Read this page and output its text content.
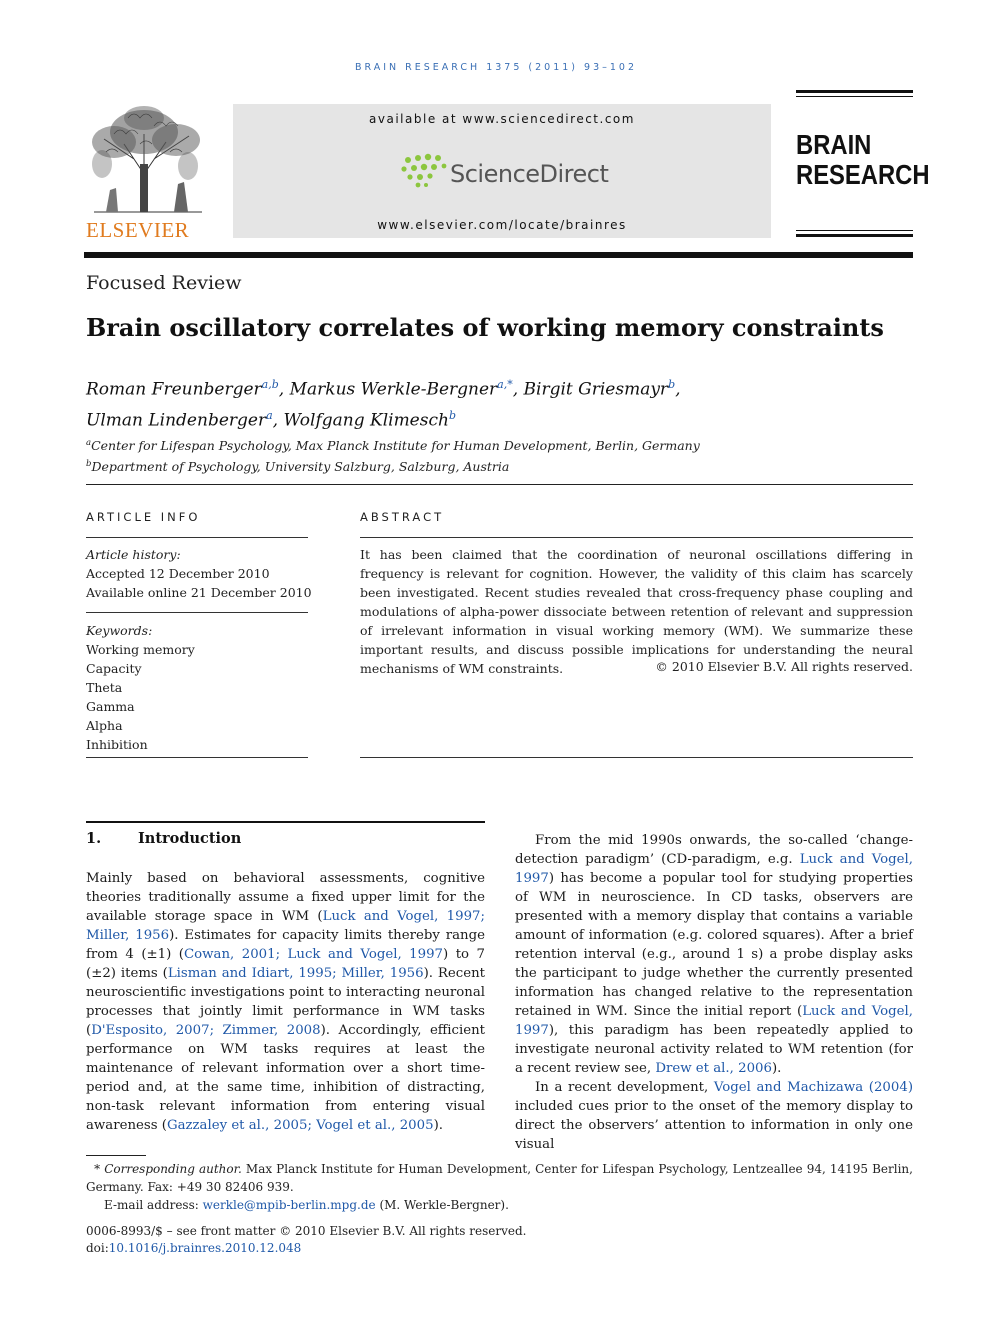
BRAIN RESEARCH 1375 (2011) 93–102
ELSEVIER
available at www.sciencedirect.com
ScienceDirect
www.elsevier.com/locate/brainres
BRAIN
RESEARCH
Focused Review
Brain oscillatory correlates of working memory constraints
Roman Freunberger$^{a,b}$, Markus Werkle-Bergner$^{a,*}$, Birgit Griesmayr$^b$,
Ulman Lindenberger$^a$, Wolfgang Klimesch$^b$
$^a$Center for Lifespan Psychology, Max Planck Institute for Human Development, Berlin, Germany
$^b$Department of Psychology, University Salzburg, Salzburg, Austria
ARTICLE INFO
Article history:
Accepted 12 December 2010
Available online 21 December 2010
Keywords:
Working memory
Capacity
Theta
Gamma
Alpha
Inhibition
ABSTRACT
It has been claimed that the coordination of neuronal oscillations differing in frequency is relevant for cognition. However, the validity of this claim has scarcely been investigated. Recent studies revealed that cross-frequency phase coupling and modulations of alpha-power dissociate between retention of relevant and suppression of irrelevant information in visual working memory (WM). We summarize these important results, and discuss possible implications for understanding the neural mechanisms of WM constraints.	© 2010 Elsevier B.V. All rights reserved.
1.	Introduction

Mainly based on behavioral assessments, cognitive theories traditionally assume a fixed upper limit for the available storage space in WM (Luck and Vogel, 1997; Miller, 1956). Estimates for capacity limits thereby range from 4 (±1) (Cowan, 2001; Luck and Vogel, 1997) to 7 (±2) items (Lisman and Idiart, 1995; Miller, 1956). Recent neuroscientific investigations point to interacting neuronal processes that jointly limit performance in WM tasks (D'Esposito, 2007; Zimmer, 2008). Accordingly, efficient performance on WM tasks requires at least the maintenance of relevant information over a short time-period and, at the same time, inhibition of distracting, non-task relevant information from entering visual awareness (Gazzaley et al., 2005; Vogel et al., 2005).

From the mid 1990s onwards, the so-called ‘change-detection paradigm’ (CD-paradigm, e.g. Luck and Vogel, 1997) has become a popular tool for studying properties of WM in neuroscience. In CD tasks, observers are presented with a memory display that contains a variable amount of information (e.g. colored squares). After a brief retention interval (e.g., around 1 s) a probe display asks the participant to judge whether the currently presented information has changed relative to the representation retained in WM. Since the initial report (Luck and Vogel, 1997), this paradigm has been repeatedly applied to investigate neuronal activity related to WM retention (for a recent review see, Drew et al., 2006).

In a recent development, Vogel and Machizawa (2004) included cues prior to the onset of the memory display to direct the observers’ attention to information in only one visual

* Corresponding author. Max Planck Institute for Human Development, Center for Lifespan Psychology, Lentzeallee 94, 14195 Berlin, Germany. Fax: +49 30 82406 939.
E-mail address: werkle@mpib-berlin.mpg.de (M. Werkle-Bergner).
0006-8993/$ – see front matter © 2010 Elsevier B.V. All rights reserved.
doi:10.1016/j.brainres.2010.12.048
